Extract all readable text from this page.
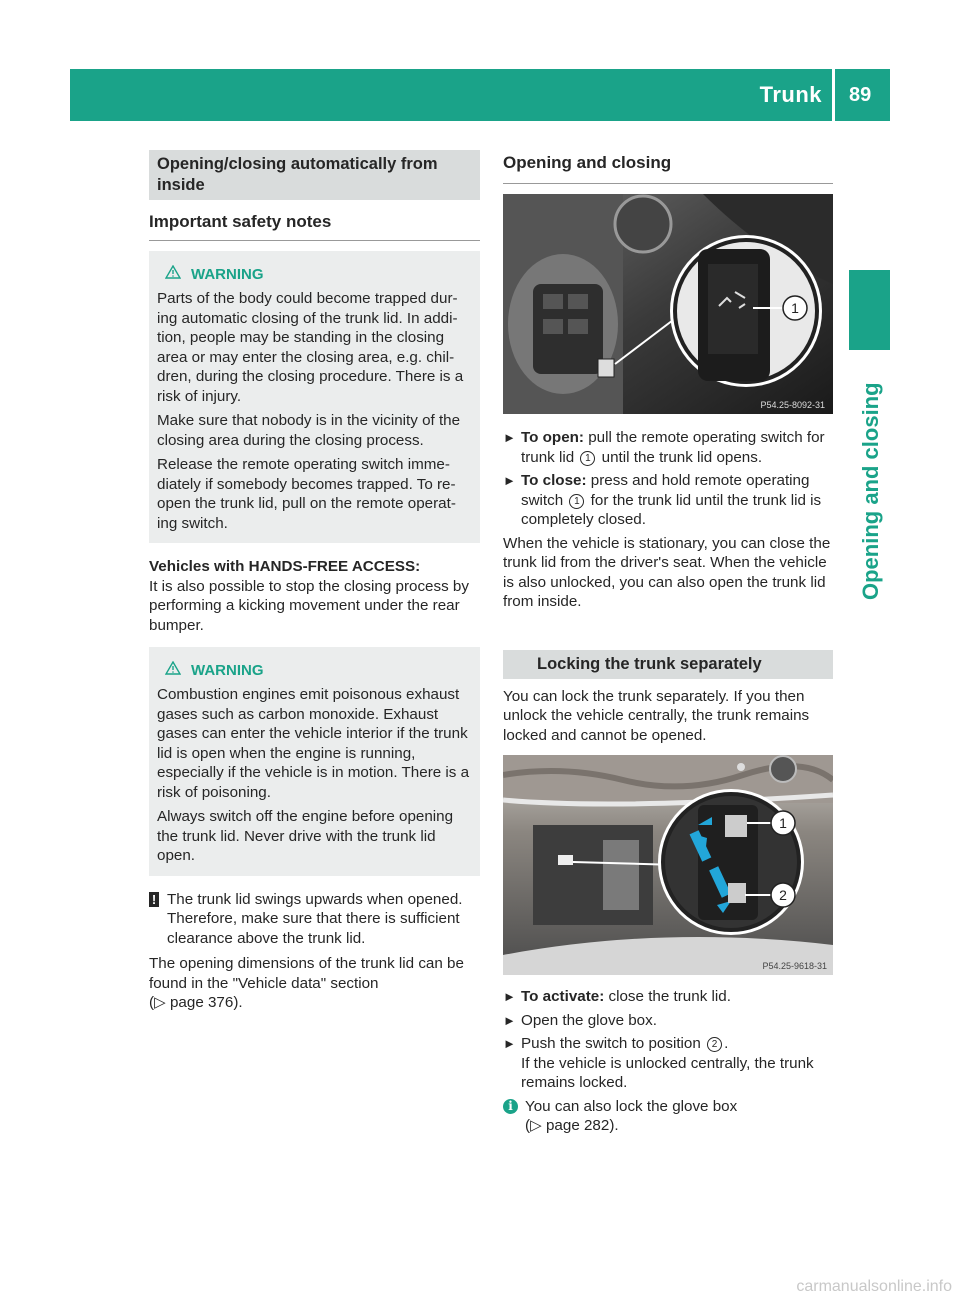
Trunk 89
Opening and closing
Opening/closing automatically from inside
Important safety notes
WARNING
Parts of the body could become trapped dur-ing automatic closing of the trunk lid. In addi-tion, people may be standing in the closing area or may enter the closing area, e.g. chil-dren, during the closing procedure. There is a risk of injury.
Make sure that nobody is in the vicinity of the closing area during the closing process.
Release the remote operating switch imme-diately if somebody becomes trapped. To re-open the trunk lid, pull on the remote operat-ing switch.
Vehicles with HANDS-FREE ACCESS:
It is also possible to stop the closing process by performing a kicking movement under the rear bumper.
WARNING
Combustion engines emit poisonous exhaust gases such as carbon monoxide. Exhaust gases can enter the vehicle interior if the trunk lid is open when the engine is running, especially if the vehicle is in motion. There is a risk of poisoning.
Always switch off the engine before opening the trunk lid. Never drive with the trunk lid open.
! The trunk lid swings upwards when opened. Therefore, make sure that there is sufficient clearance above the trunk lid.
The opening dimensions of the trunk lid can be found in the "Vehicle data" section
(▷ page 376).
Opening and closing
1
P54.25-8092-31
► To open: pull the remote operating switch for trunk lid 1 until the trunk lid opens.
► To close: press and hold remote operating switch 1 for the trunk lid until the trunk lid is completely closed.
When the vehicle is stationary, you can close the trunk lid from the driver's seat. When the vehicle is also unlocked, you can also open the trunk lid from inside.
Locking the trunk separately
You can lock the trunk separately. If you then unlock the vehicle centrally, the trunk remains locked and cannot be opened.
1
2
P54.25-9618-31
► To activate: close the trunk lid.
► Open the glove box.
► Push the switch to position 2 .
If the vehicle is unlocked centrally, the trunk remains locked.
i You can also lock the glove box
(▷ page 282).
carmanualsonline.info
